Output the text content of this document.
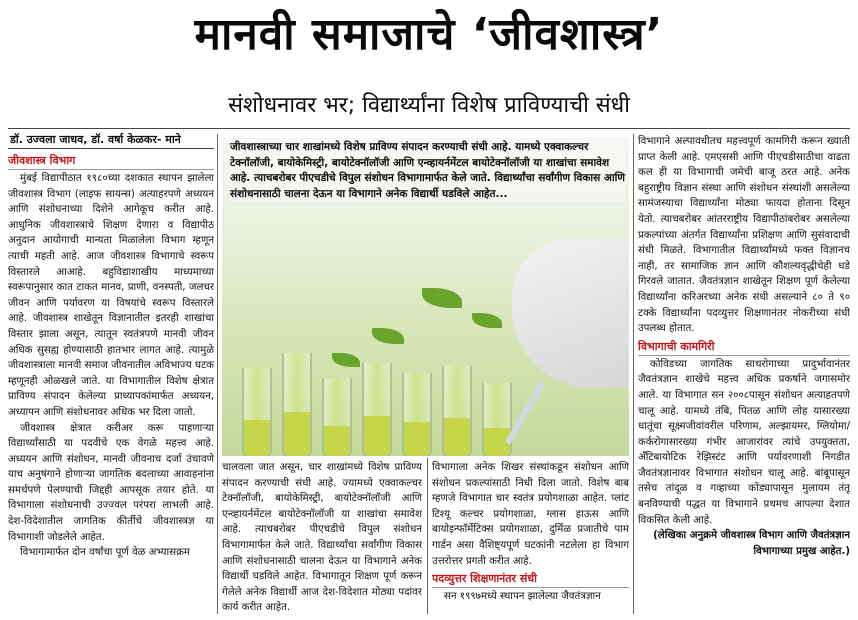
मानवी समाजाचे ‘जीवशास्त्र’
संशोधनावर भर; विद्यार्थ्यांना विशेष प्राविण्याची संधी
डॉ. उज्वला जाधव, डॉ. वर्षा केळकर- माने
जीवशास्त्र विभाग

मुंबई विद्यापीठात १९८०च्या दशकात स्थापन झालेला जीवशास्त्र विभाग (लाइफ सायन्स) अत्याहरपणे अध्ययन आणि संशोधनाच्या दिशेने आगेकूच करीत आहे. आधुनिक जीवशास्त्राचे शिक्षण देणारा व विद्यापीठ अनुदान आयोगाची मान्यता मिळालेला विभाग म्हणून त्याची महती आहे. आज जीवशास्त्र विभागाचे स्वरूप विस्तारले आआहे. बहुविद्याशाखीय माध्यमाच्या स्वरूपानुसार कात टाकत मानव, प्राणी, वनस्पती, जलचर जीवन आणि पर्यावरण या विषयांचे स्वरूप विस्तारले आहे. जीवशास्त्र शाखेतून विज्ञानातील इतरही शाखांचा विस्तार झाला असून, त्यातून स्वतंत्रपणे मानवी जीवन अधिक सुसह्य होण्यासाठी हातभार लागत आहे. त्यामुळे जीवशास्त्राला मानवी समाज जीवनातील अविभाज्य घटक म्हणूनही ओळखले जाते. या विभागातील विशेष क्षेत्रात प्राविण्य संपादन केलेल्या प्राध्यापकांमार्फत अध्ययन, अध्यापन आणि संशोधनावर अधिक भर दिला जातो.

जीवशास्त्र क्षेत्रात करीअर करू पाहणाऱ्या विद्यार्थ्यांसाठी या पदवीचे एक वेगळे महत्त्व आहे. अध्ययन आणि संशोधन, मानवी जीवनाच दर्जा उंचावणे याच अनुषंगाने होणाऱ्या जागतिक बदलाच्या आवाहनांना समर्थपणे पेलण्याची जिद्दही आपसूक तयार होते. या विभागाला संशोधनाची उज्ज्वल परंपरा लाभली आहे. देश-विदेशातील जागतिक कीर्तीचे जीवशास्त्रज्ञ या विभागाशी जोडलेले आहेत.

विभागामार्फत दोन वर्षांचा पूर्ण वेळ अभ्यासक्रम

जीवशास्त्राच्या चार शाखांमध्ये विशेष प्राविण्य संपादन करण्याची संधी आहे. यामध्ये एक्वाकल्चर टेक्नॉलॉजी, बायोकेमिस्ट्री, बायोटेक्नॉलॉजी आणि एन्व्हायर्नमेंटल बायोटेक्नॉलॉजी या शाखांचा समावेश आहे. त्याचबरोबर पीएचडीचे विपुल संशोधन विभागामार्फत केले जाते. विद्यार्थ्यांचा सर्वांगीण विकास आणि संशोधनासाठी चालना देऊन या विभागाने अनेक विद्यार्थी घडविले आहेत...

चालवला जात असून, चार शाखांमध्ये विशेष प्राविण्य संपादन करण्याची संधी आहे. ज्यामध्ये एक्वाकल्चर टेक्नॉलॉजी, बायोकेमिस्ट्री, बायोटेक्नॉलॉजी आणि एन्व्हायर्नमेंटल बायोटेक्नॉलॉजी या शाखांचा समावेश आहे. त्याचबरोबर पीएचडीचे विपुल संशोधन विभागामार्फत केले जाते. विद्यार्थ्यांचा सर्वांगीण विकास आणि संशोधनासाठी चालना देऊन या विभागाने अनेक विद्यार्थी घडविले आहेत. विभागातून शिक्षण पूर्ण करून गेलेले अनेक विद्यार्थी आज देश-विदेशात मोठ्या पदांवर कार्य करीत आहेत.

विभागाला अनेक शिखर संस्थांकडून संशोधन आणि संशोधन प्रकल्पांसाठी निधी दिला जातो. विशेष बाब म्हणजे विभागात चार स्वतंत्र प्रयोगशाळा आहेत. प्लांट टिश्यू कल्चर प्रयोगशाळा, ग्लास हाऊस आणि बायोइन्फॉर्मेटिक्स प्रयोगशाळा, दुर्मिळ प्रजातीचे पाम गार्डन असा वैशिष्ट्यपूर्ण घटकांनी नटलेला हा विभाग उत्तरोत्तर प्रगती करीत आहे.

पदव्युत्तर शिक्षणानंतर संधी

सन १९९७मध्ये स्थापन झालेल्या जैवतंत्रज्ञान

विभागाने अल्पावधीतच महत्त्वपूर्ण कामगिरी करून ख्याती प्राप्त केली आहे. एमएससी आणि पीएचडीसाठीचा वाढता कल ही या विभागाची जमेची बाजू ठरत आहे. अनेक बहुराष्ट्रीय विज्ञान संस्था आणि संशोधन संस्थांशी असलेल्या सामंजस्याचा विद्यार्थ्यांना मोठ्या फायदा होताना दिसून येतो. त्याचबरोबर आंतरराष्ट्रीय विद्यापीठांबरोबर असलेल्या प्रकल्पांच्या अंतर्गत विद्यार्थ्यांना प्रशिक्षण आणि सुसंवादाची संधी मिळते. विभागातील विद्यार्थ्यांमध्ये फक्त विज्ञानच नाही, तर सामाजिक ज्ञान आणि कौशल्यवृद्धीचेही धडे गिरवले जातात. जैवतंत्रज्ञान शाखेतून शिक्षण पूर्ण केलेल्या विद्यार्थ्यांना करिअरच्या अनेक संधी असल्याने ८० ते ९० टक्के विद्यार्थ्यांना पदव्युत्तर शिक्षणानंतर नोकरीच्या संधी उपलब्ध होतात.

विभागाची कामगिरी

कोविडच्या जागतिक साथरोगाच्या प्रादुर्भावानंतर जैवतंत्रज्ञान शाखेचे महत्त्व अधिक प्रकर्षाने जगासमोर आले. या विभागात सन २००८पासून संशोधन अत्याहतपणे चालू आहे. यामध्ये तंबि, पितळ आणि लोह यासारख्या धातूंचा सूक्ष्मजीवांवरील परिणाम, अल्झायमर, ग्लियोमा/ कर्करोगासारख्या गंभीर आजारांवर त्यांचे उपयुक्तता, अँटिबायोटिक रेझिस्टंट आणि पर्यावरणाशी निगडीत जैवतंत्रज्ञानावर विभागात संशोधन चालू आहे. बांबूपासून तसेच तांदूळ व गव्हाच्या कोंड्यापासून मुलायम तंतू बनविण्याची पद्धत या विभागाने प्रथमच आपल्या देशात विकसित केली आहे.

(लेखिका अनुक्रमे जीवशास्त्र विभाग आणि जैवतंत्रज्ञान विभागाच्या प्रमुख आहेत.)
